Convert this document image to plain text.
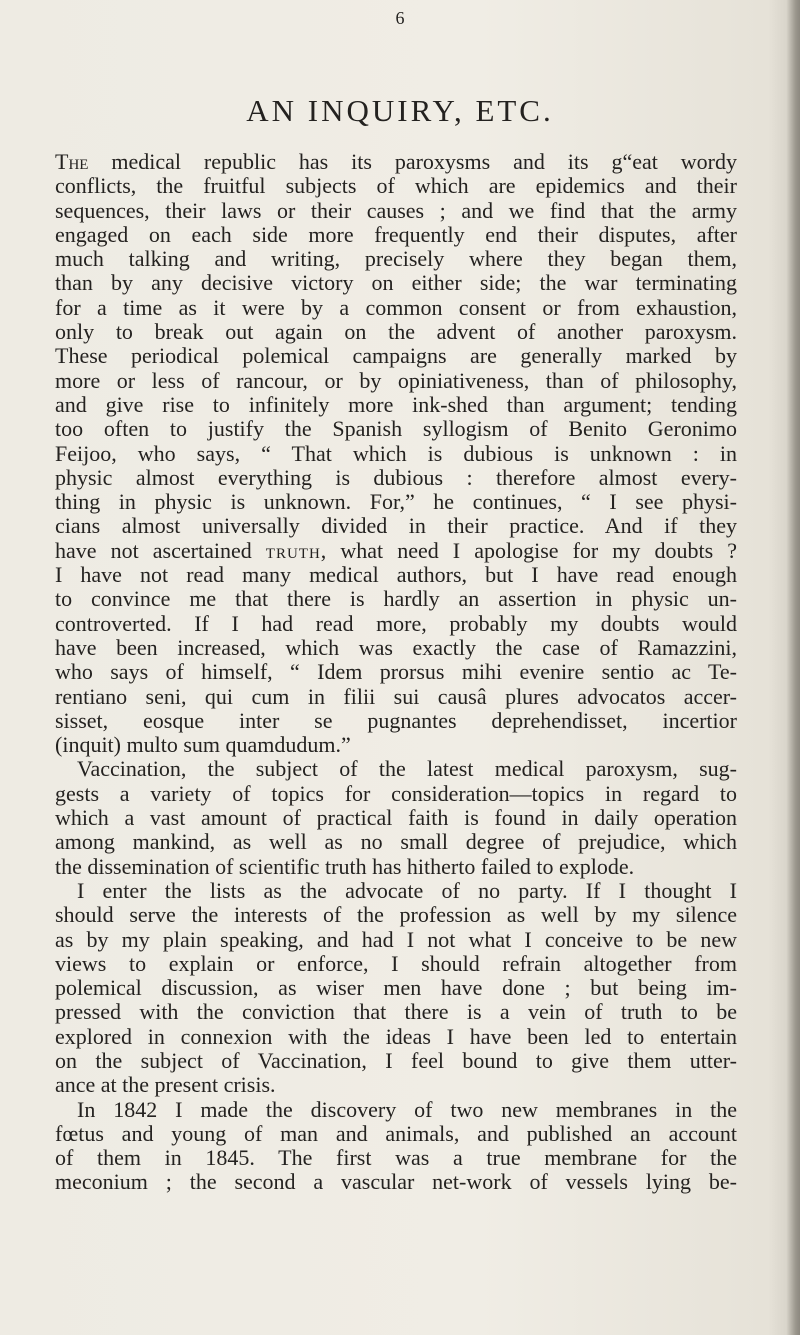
6
AN INQUIRY, ETC.
The medical republic has its paroxysms and its g“eat wordy
conflicts, the fruitful subjects of which are epidemics and their
sequences, their laws or their causes ; and we find that the army
engaged on each side more frequently end their disputes, after
much talking and writing, precisely where they began them,
than by any decisive victory on either side; the war terminating
for a time as it were by a common consent or from exhaustion,
only to break out again on the advent of another paroxysm.
These periodical polemical campaigns are generally marked by
more or less of rancour, or by opiniativeness, than of philosophy,
and give rise to infinitely more ink-shed than argument; tending
too often to justify the Spanish syllogism of Benito Geronimo
Feijoo, who says, “ That which is dubious is unknown : in
physic almost everything is dubious : therefore almost every-
thing in physic is unknown. For,” he continues, “ I see physi-
cians almost universally divided in their practice. And if they
have not ascertained TRUTH, what need I apologise for my doubts ?
I have not read many medical authors, but I have read enough
to convince me that there is hardly an assertion in physic un-
controverted. If I had read more, probably my doubts would
have been increased, which was exactly the case of Ramazzini,
who says of himself, “ Idem prorsus mihi evenire sentio ac Te-
rentiano seni, qui cum in filii sui causâ plures advocatos accer-
sisset, eosque inter se pugnantes deprehendisset, incertior
(inquit) multo sum quamdudum.”
Vaccination, the subject of the latest medical paroxysm, sug-
gests a variety of topics for consideration—topics in regard to
which a vast amount of practical faith is found in daily operation
among mankind, as well as no small degree of prejudice, which
the dissemination of scientific truth has hitherto failed to explode.
I enter the lists as the advocate of no party. If I thought I
should serve the interests of the profession as well by my silence
as by my plain speaking, and had I not what I conceive to be new
views to explain or enforce, I should refrain altogether from
polemical discussion, as wiser men have done ; but being im-
pressed with the conviction that there is a vein of truth to be
explored in connexion with the ideas I have been led to entertain
on the subject of Vaccination, I feel bound to give them utter-
ance at the present crisis.
In 1842 I made the discovery of two new membranes in the
fœtus and young of man and animals, and published an account
of them in 1845. The first was a true membrane for the
meconium ; the second a vascular net-work of vessels lying be-
